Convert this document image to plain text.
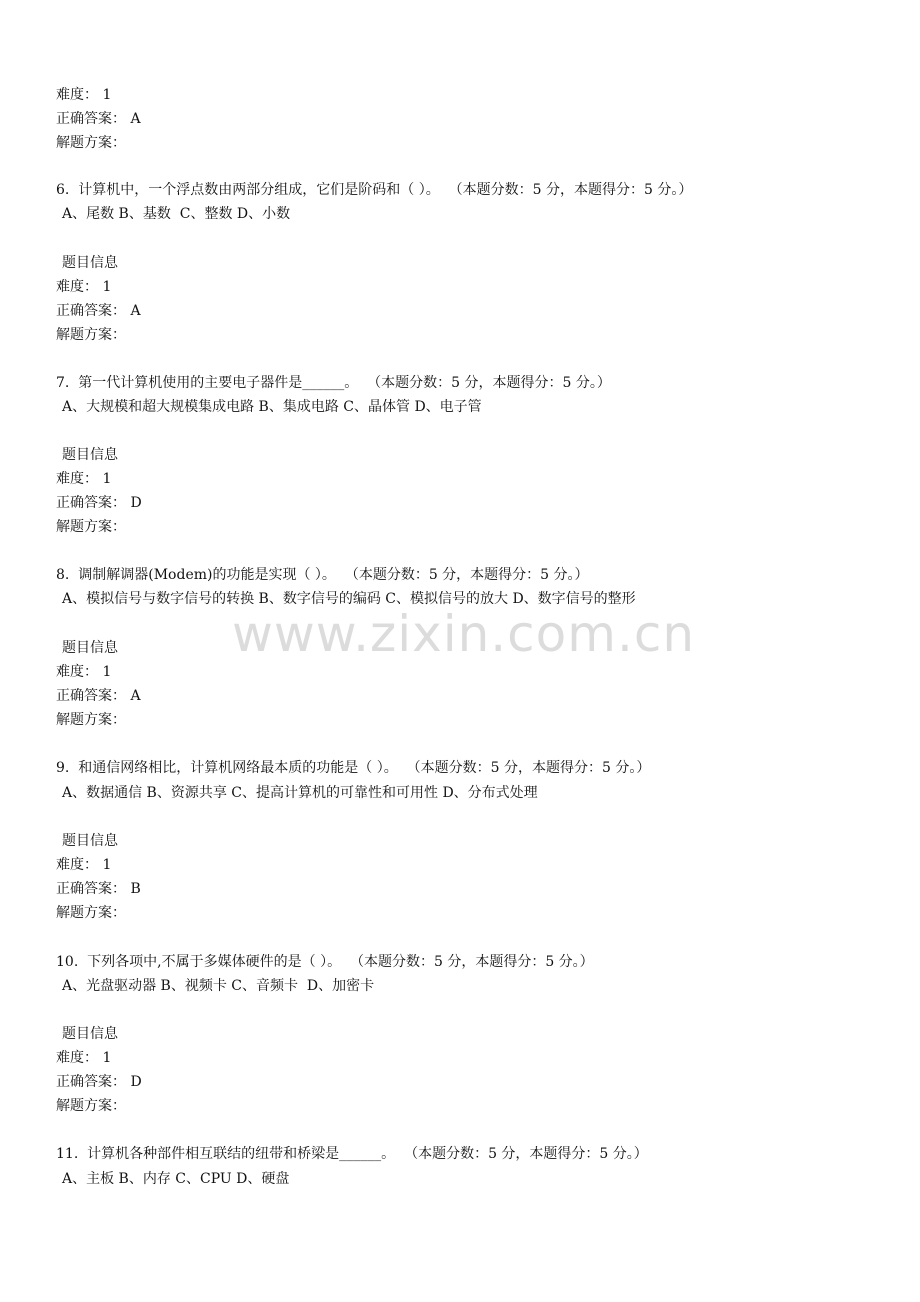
难度： 1
正确答案： A
解题方案：
6.  计算机中，一个浮点数由两部分组成，它们是阶码和（ ）。  （本题分数：5 分，本题得分：5 分。）
A、尾数 B、基数  C、整数 D、小数
题目信息
难度： 1
正确答案： A
解题方案：
7.  第一代计算机使用的主要电子器件是______。  （本题分数：5 分，本题得分：5 分。）
A、大规模和超大规模集成电路 B、集成电路 C、晶体管 D、电子管
题目信息
难度： 1
正确答案： D
解题方案：
8.  调制解调器(Modem)的功能是实现（ ）。  （本题分数：5 分，本题得分：5 分。）
A、模拟信号与数字信号的转换 B、数字信号的编码 C、模拟信号的放大 D、数字信号的整形
题目信息
难度： 1
正确答案： A
解题方案：
9.  和通信网络相比，计算机网络最本质的功能是（ ）。  （本题分数：5 分，本题得分：5 分。）
A、数据通信 B、资源共享 C、提高计算机的可靠性和可用性 D、分布式处理
题目信息
难度： 1
正确答案： B
解题方案：
10.  下列各项中,不属于多媒体硬件的是（ ）。  （本题分数：5 分，本题得分：5 分。）
A、光盘驱动器 B、视频卡 C、音频卡  D、加密卡
题目信息
难度： 1
正确答案： D
解题方案：
11.  计算机各种部件相互联结的纽带和桥梁是______。  （本题分数：5 分，本题得分：5 分。）
A、主板 B、内存 C、CPU D、硬盘
www.zixin.com.cn
